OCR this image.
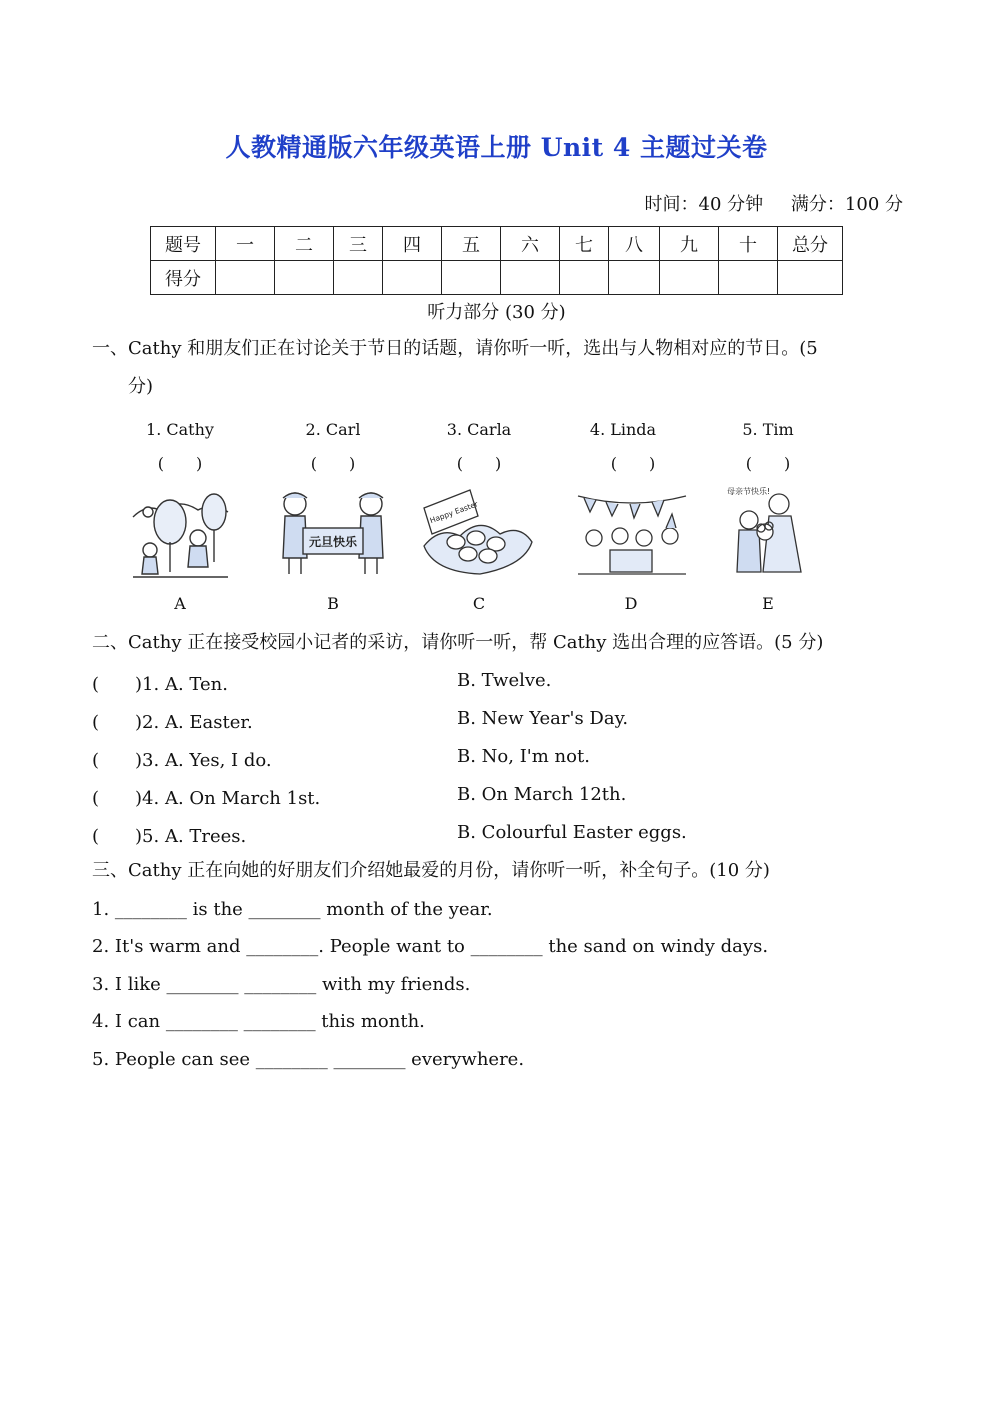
人教精通版六年级英语上册 Unit 4 主题过关卷
时间：40 分钟 满分：100 分
题号	一	二	三	四	五	六	七	八	九	十	总分
得分											
听力部分 (30 分)
一、Cathy 和朋友们正在讨论关于节日的话题，请你听一听，选出与人物相对应的节日。(5
分)
1. Cathy	2. Carl	3. Carla	4. Linda	5. Tim
(　　)	(　　)	(　　)	(　　)	(　　)
元旦快乐
Happy Easter
母亲节快乐!
A	B	C	D	E
二、Cathy 正在接受校园小记者的采访，请你听一听，帮 Cathy 选出合理的应答语。(5 分)
(　　)1. A. Ten.	B. Twelve.
(　　)2. A. Easter.	B. New Year's Day.
(　　)3. A. Yes, I do.	B. No, I'm not.
(　　)4. A. On March 1st.	B. On March 12th.
(　　)5. A. Trees.	B. Colourful Easter eggs.
三、Cathy 正在向她的好朋友们介绍她最爱的月份，请你听一听，补全句子。(10 分)
1. ________ is the ________ month of the year.
2. It's warm and ________. People want to ________ the sand on windy days.
3. I like ________ ________ with my friends.
4. I can ________ ________ this month.
5. People can see ________ ________ everywhere.
